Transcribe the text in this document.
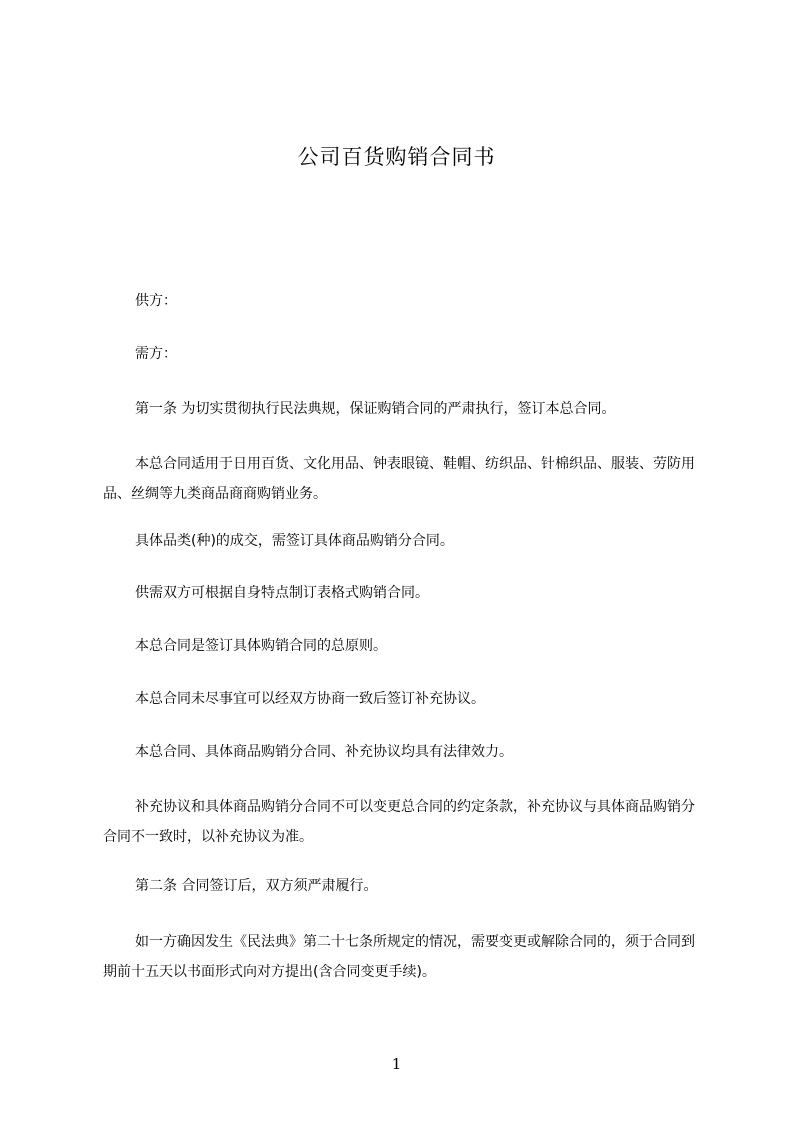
公司百货购销合同书
供方：
需方：
第一条 为切实贯彻执行民法典规，保证购销合同的严肃执行，签订本总合同。
本总合同适用于日用百货、文化用品、钟表眼镜、鞋帽、纺织品、针棉织品、服装、劳防用品、丝绸等九类商品商商购销业务。
具体品类(种)的成交，需签订具体商品购销分合同。
供需双方可根据自身特点制订表格式购销合同。
本总合同是签订具体购销合同的总原则。
本总合同未尽事宜可以经双方协商一致后签订补充协议。
本总合同、具体商品购销分合同、补充协议均具有法律效力。
补充协议和具体商品购销分合同不可以变更总合同的约定条款，补充协议与具体商品购销分合同不一致时，以补充协议为准。
第二条 合同签订后，双方须严肃履行。
如一方确因发生《民法典》第二十七条所规定的情况，需要变更或解除合同的，须于合同到期前十五天以书面形式向对方提出(含合同变更手续)。
1
